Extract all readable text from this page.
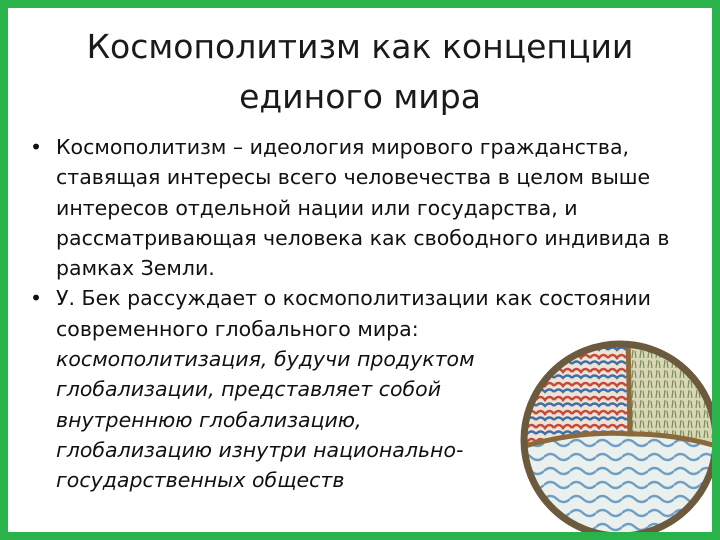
Космополитизм как концепции
единого мира

• Космополитизм – идеология мирового гражданства, ставящая интересы всего человечества в целом выше интересов отдельной нации или государства, и рассматривающая человека как свободного индивида в рамках Земли.

• У. Бек рассуждает о космополитизации как состоянии современного глобального мира:
космополитизация, будучи продуктом
глобализации, представляет собой
внутреннюю глобализацию,
глобализацию изнутри национально-
государственных обществ
